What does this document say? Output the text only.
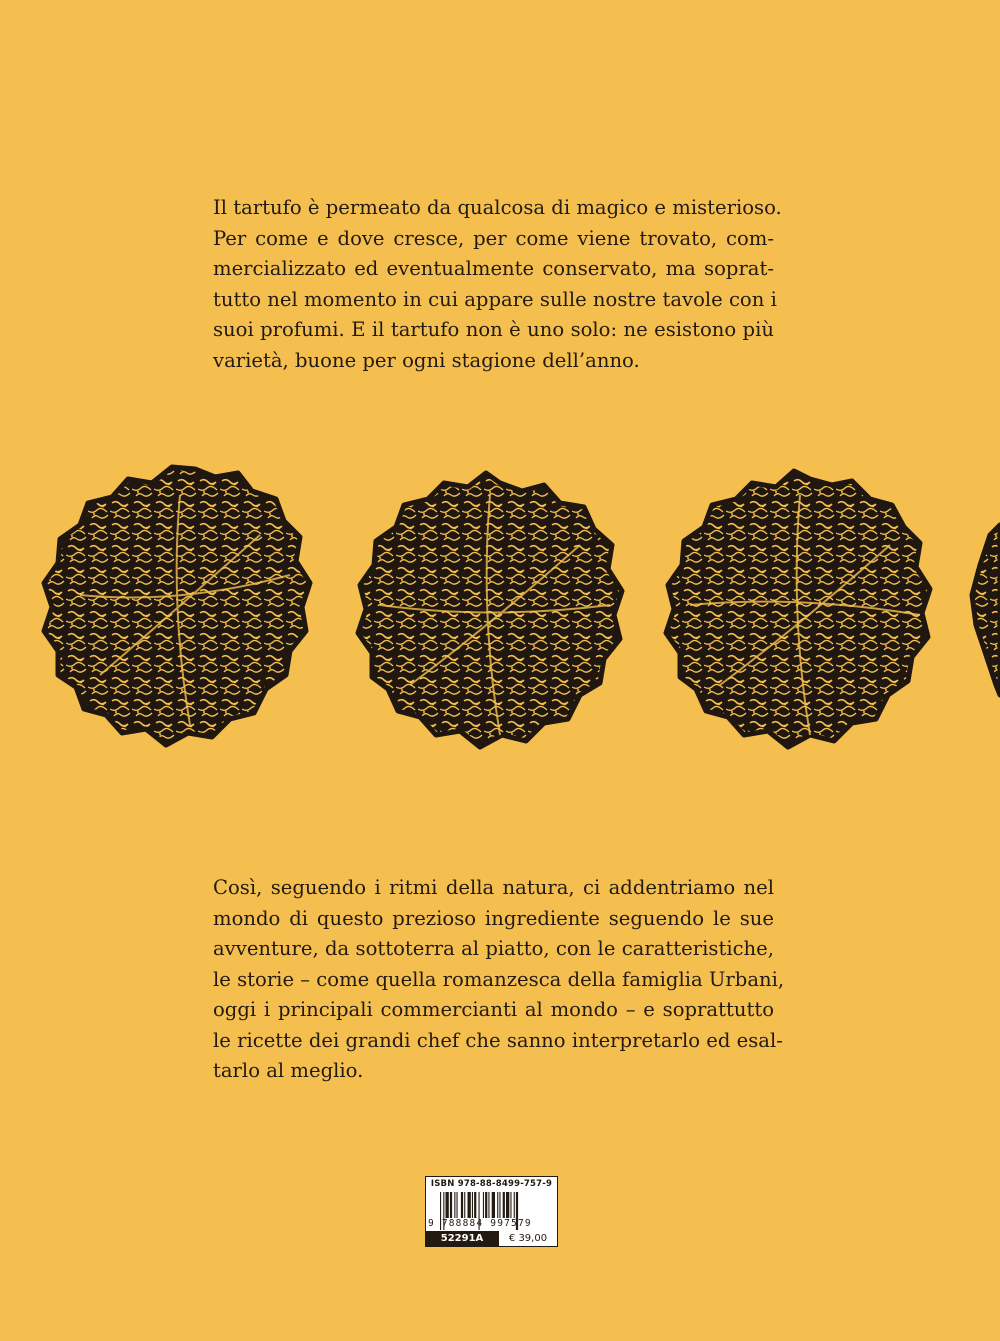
Il tartufo è permeato da qualcosa di magico e misterioso.
Per come e dove cresce, per come viene trovato, com-
mercializzato ed eventualmente conservato, ma soprat-
tutto nel momento in cui appare sulle nostre tavole con i
suoi profumi. E il tartufo non è uno solo: ne esistono più
varietà, buone per ogni stagione dell’anno.
Così, seguendo i ritmi della natura, ci addentriamo nel
mondo di questo prezioso ingrediente seguendo le sue
avventure, da sottoterra al piatto, con le caratteristiche,
le storie – come quella romanzesca della famiglia Urbani,
oggi i principali commercianti al mondo – e soprattutto
le ricette dei grandi chef che sanno interpretarlo ed esal-
tarlo al meglio.
ISBN 978-88-8499-757-9
9 788884 997579
52291A	€ 39,00
